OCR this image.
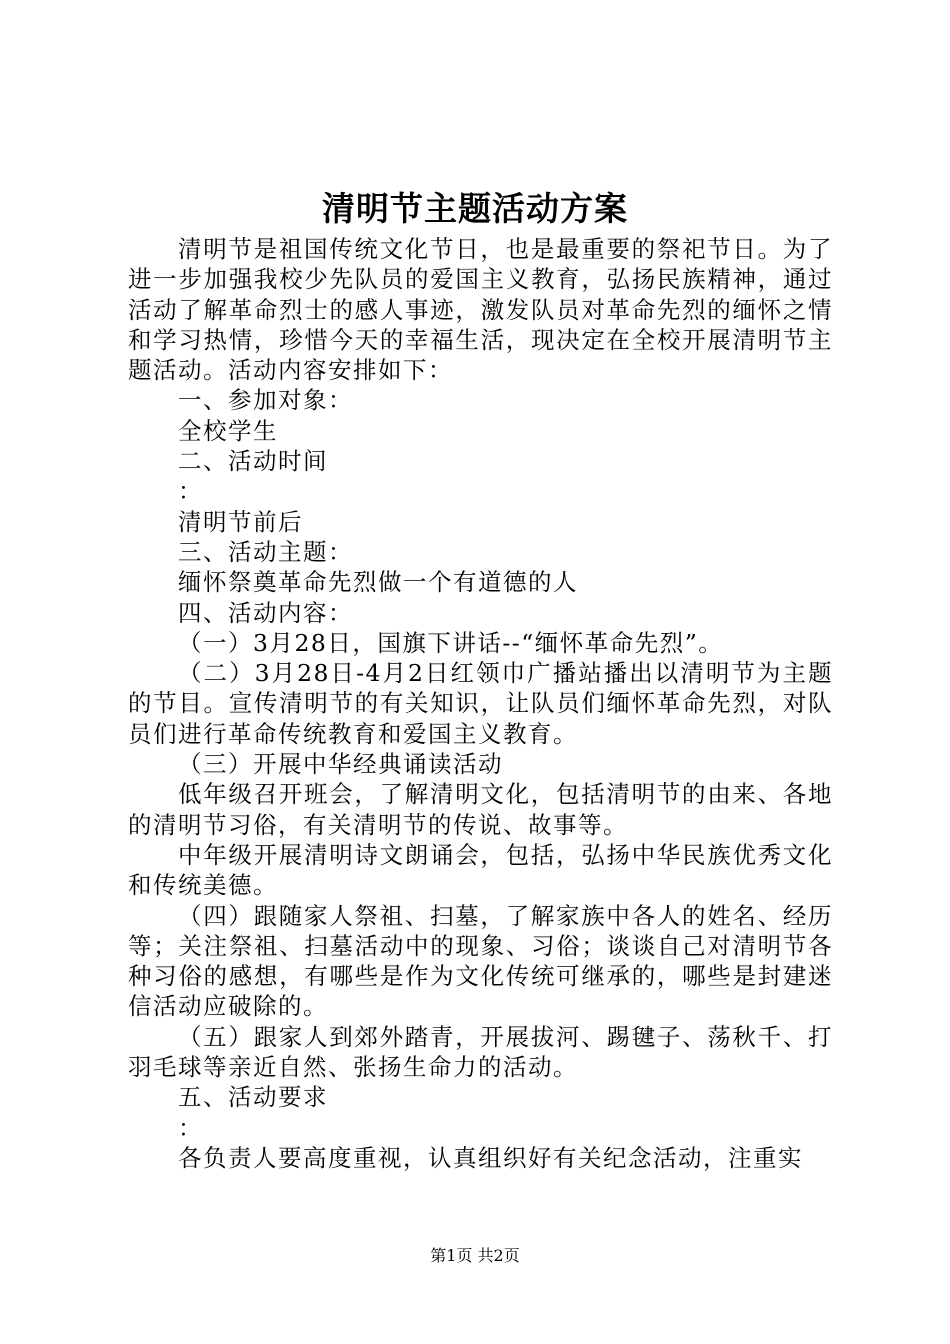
清明节主题活动方案

清明节是祖国传统文化节日，也是最重要的祭祀节日。为了进一步加强我校少先队员的爱国主义教育，弘扬民族精神，通过活动了解革命烈士的感人事迹，激发队员对革命先烈的缅怀之情和学习热情，珍惜今天的幸福生活，现决定在全校开展清明节主题活动。活动内容安排如下：

一、参加对象：

全校学生

二、活动时间

：

清明节前后

三、活动主题：

缅怀祭奠革命先烈做一个有道德的人

四、活动内容：

（一）3月28日，国旗下讲话--“缅怀革命先烈”。

（二）3月28日-4月2日红领巾广播站播出以清明节为主题的节目。宣传清明节的有关知识，让队员们缅怀革命先烈，对队员们进行革命传统教育和爱国主义教育。

（三）开展中华经典诵读活动

低年级召开班会，了解清明文化，包括清明节的由来、各地的清明节习俗，有关清明节的传说、故事等。

中年级开展清明诗文朗诵会，包括，弘扬中华民族优秀文化和传统美德。

（四）跟随家人祭祖、扫墓，了解家族中各人的姓名、经历等；关注祭祖、扫墓活动中的现象、习俗；谈谈自己对清明节各种习俗的感想，有哪些是作为文化传统可继承的，哪些是封建迷信活动应破除的。

（五）跟家人到郊外踏青，开展拔河、踢毽子、荡秋千、打羽毛球等亲近自然、张扬生命力的活动。

五、活动要求

：

各负责人要高度重视，认真组织好有关纪念活动，注重实

第1页 共2页
